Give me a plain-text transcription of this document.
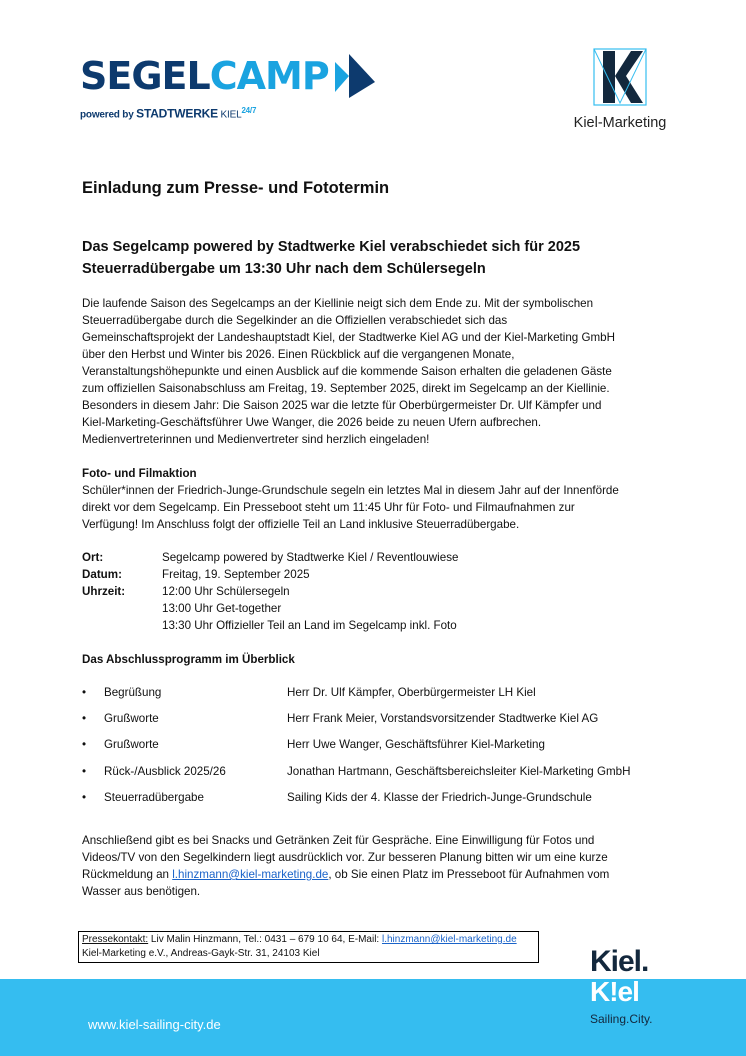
SEGELCAMP
powered by STADTWERKE $KIEL^{24/7}$
Kiel-Marketing
Einladung zum Presse- und Fototermin
Das Segelcamp powered by Stadtwerke Kiel verabschiedet sich für 2025
Steuerradübergabe um 13:30 Uhr nach dem Schülersegeln
Die laufende Saison des Segelcamps an der Kiellinie neigt sich dem Ende zu. Mit der symbolischen
Steuerradübergabe durch die Segelkinder an die Offiziellen verabschiedet sich das
Gemeinschaftsprojekt der Landeshauptstadt Kiel, der Stadtwerke Kiel AG und der Kiel-Marketing GmbH
über den Herbst und Winter bis 2026. Einen Rückblick auf die vergangenen Monate,
Veranstaltungshöhepunkte und einen Ausblick auf die kommende Saison erhalten die geladenen Gäste
zum offiziellen Saisonabschluss am Freitag, 19. September 2025, direkt im Segelcamp an der Kiellinie.
Besonders in diesem Jahr: Die Saison 2025 war die letzte für Oberbürgermeister Dr. Ulf Kämpfer und
Kiel-Marketing-Geschäftsführer Uwe Wanger, die 2026 beide zu neuen Ufern aufbrechen.
Medienvertreterinnen und Medienvertreter sind herzlich eingeladen!
Foto- und Filmaktion
Schüler*innen der Friedrich-Junge-Grundschule segeln ein letztes Mal in diesem Jahr auf der Innenförde
direkt vor dem Segelcamp. Ein Presseboot steht um 11:45 Uhr für Foto- und Filmaufnahmen zur
Verfügung! Im Anschluss folgt der offizielle Teil an Land inklusive Steuerradübergabe.
Ort:	Segelcamp powered by Stadtwerke Kiel / Reventlouwiese
Datum:	Freitag, 19. September 2025
Uhrzeit:	12:00 Uhr Schülersegeln
13:00 Uhr Get-together
13:30 Uhr Offizieller Teil an Land im Segelcamp inkl. Foto
Das Abschlussprogramm im Überblick
•	Begrüßung	Herr Dr. Ulf Kämpfer, Oberbürgermeister LH Kiel
•	Grußworte	Herr Frank Meier, Vorstandsvorsitzender Stadtwerke Kiel AG
•	Grußworte	Herr Uwe Wanger, Geschäftsführer Kiel-Marketing
•	Rück-/Ausblick 2025/26	Jonathan Hartmann, Geschäftsbereichsleiter Kiel-Marketing GmbH
•	Steuerradübergabe	Sailing Kids der 4. Klasse der Friedrich-Junge-Grundschule
Anschließend gibt es bei Snacks und Getränken Zeit für Gespräche. Eine Einwilligung für Fotos und
Videos/TV von den Segelkindern liegt ausdrücklich vor. Zur besseren Planung bitten wir um eine kurze
Rückmeldung an l.hinzmann@kiel-marketing.de, ob Sie einen Platz im Presseboot für Aufnahmen vom
Wasser aus benötigen.
Pressekontakt: Liv Malin Hinzmann, Tel.: 0431 – 679 10 64, E-Mail: l.hinzmann@kiel-marketing.de
Kiel-Marketing e.V., Andreas-Gayk-Str. 31, 24103 Kiel
www.kiel-sailing-city.de
Kiel.
K!el
Sailing.City.
